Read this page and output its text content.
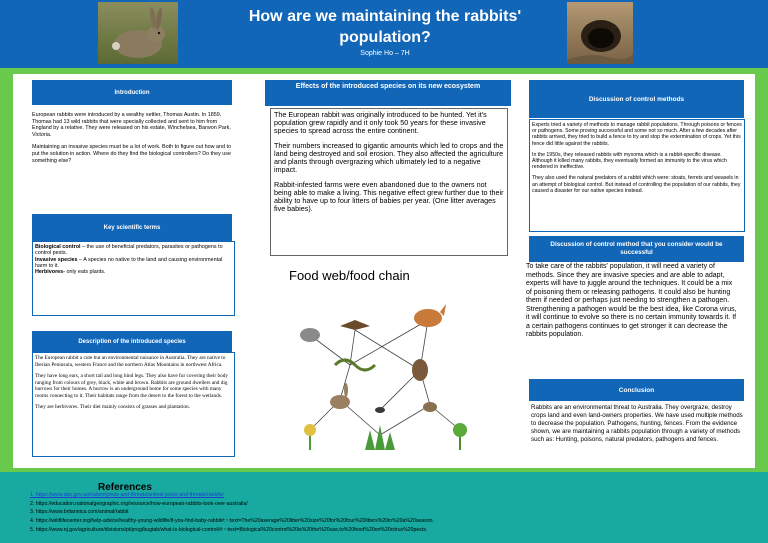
How are we maintaining the rabbits' population?
Sophie Ho – 7H
Introduction

European rabbits were introduced by a wealthy settler, Thomas Austin. In 1859, Thomas had 13 wild rabbits that were specially collected and sent to him from England by a relative. They were released on his estate, Winchelsea, Barwon Park, Victoria.

Maintaining an invasive species must be a lot of work. Both to figure out how and to put the solution in action. Where do they find the biological controllers? Do they use something else?

Key scientific terms

Biological control – the use of beneficial predators, parasites or pathogens to control pests.

Invasive species – A species no native to the land and causing environmental harm to it.

Herbivores- only eats plants.

Description of the introduced species

The European rabbit a cute but an environmental nuisance in Australia. They are native to Iberian Peninsula, western France and the northern Atlas Mountains in northwest Africa.

They have long ears, a short tail and long hind legs. They also have fur covering their body ranging from colours of grey, black, white and brown. Rabbits are ground dwellers and dig burrows for their homes. A burrow is an underground home for some species with many rooms connecting to it. Their habitats range from the desert to the forest to the wetlands.

They are herbivores. Their diet mainly consists of grasses and plantation.

Effects of the introduced species on its new ecosystem

The European rabbit was originally introduced to be hunted. Yet it's population grew rapidly and it only took 50 years for these invasive species to spread across the entire continent.

Their numbers increased to gigantic amounts which led to crops and the land being destroyed and soil erosion. They also affected the agriculture and plants through overgrazing which ultimately led to a negative impact.

Rabbit-infested farms were even abandoned due to the owners not being able to make a living. This negative effect grew further due to their ability to have up to four litters of babies per year. (One litter averages five babies).

Food web/food chain
Discussion of control methods

Experts tried a variety of methods to manage rabbit populations. Through poisons or fences or pathogens. Some proving successful and some not so much. After a few decades after rabbits arrived, they tried to build a fence to try and stop the extermination of crops. Yet this fence did little against the rabbits.

In the 1950s, they released rabbits with myxoma which is a rabbit-specific disease. Although it killed many rabbits, they eventually formed an immunity to the virus which rendered in ineffective.

They also used the natural predators of a rabbit which were: stoats, ferrets and weasels in an attempt of biological control. But instead of controlling the population of our rabbits, they caused a disaster for our native species instead.

Discussion of control method that you consider would be successful
To take care of the rabbits' population, it will need a variety of methods. Since they are invasive species and are able to adapt, experts will have to juggle around the techniques. It could be a mix of poisoning them or releasing pathogens. It could also be hunting them if needed or perhaps just needing to strengthen a pathogen. Strengthening a pathogen would be the best idea, like Corona virus, it will continue to evolve so there is no certain immunity towards it. If a certain pathogens continues to get stronger it can decrease the rabbits population.
Conclusion
Rabbits are an environmental threat to Australia. They overgraze, destroy crops land and even land-owners properties. We have used multiple methods to decrease the population. Pathogens, hunting, fences. From the evidence shown, we are maintaining a rabbits population through a variety of methods such as: Hunting, poisons, natural predators, pathogens and fences.
References
1. https://www.dac.gov.au/nature/pests-and-threats/animal-pests-and-threats/rabbits/
2. https://education.nationalgeographic.org/resource/how-european-rabbits-took-over-australia/
3. https://www.britannica.com/animal/rabbit
4. https://wildlifecenter.org/help-advice/healthy-young-wildlife/if-you-find-baby-rabbit#:~:text=The%20average%20litter%20size%20for%20four%20litters%20in%20a%20season.
5. https://www.nj.gov/agriculture/divisions/pi/prog/bugtab/what-is-biological-control/#:~:text=Biological%20control%20is%20the%20use,to%20feed%20on%20citrus%20pests.
